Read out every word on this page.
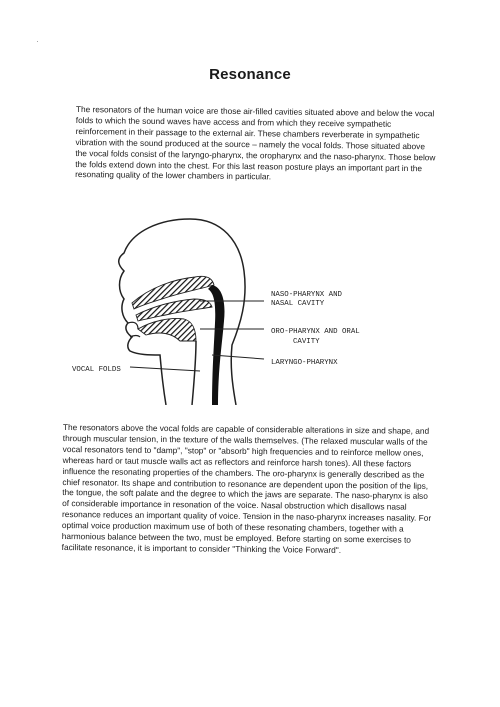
·
Resonance
The resonators of the human voice are those air-filled cavities situated above and below the vocal folds to which the sound waves have access and from which they receive sympathetic reinforcement in their passage to the external air. These chambers reverberate in sympathetic vibration with the sound produced at the source – namely the vocal folds. Those situated above the vocal folds consist of the laryngo-pharynx, the oropharynx and the naso-pharynx. Those below the folds extend down into the chest. For this last reason posture plays an important part in the resonating quality of the lower chambers in particular.
NASO-PHARYNX AND
NASAL CAVITY
ORO-PHARYNX AND ORAL
CAVITY
LARYNGO-PHARYNX
VOCAL FOLDS
The resonators above the vocal folds are capable of considerable alterations in size and shape, and through muscular tension, in the texture of the walls themselves. (The relaxed muscular walls of the vocal resonators tend to "damp", "stop" or "absorb" high frequencies and to reinforce mellow ones, whereas hard or taut muscle walls act as reflectors and reinforce harsh tones). All these factors influence the resonating properties of the chambers. The oro-pharynx is generally described as the chief resonator. Its shape and contribution to resonance are dependent upon the position of the lips, the tongue, the soft palate and the degree to which the jaws are separate. The naso-pharynx is also of considerable importance in resonation of the voice. Nasal obstruction which disallows nasal resonance reduces an important quality of voice. Tension in the naso-pharynx increases nasality. For optimal voice production maximum use of both of these resonating chambers, together with a harmonious balance between the two, must be employed. Before starting on some exercises to facilitate resonance, it is important to consider "Thinking the Voice Forward".
